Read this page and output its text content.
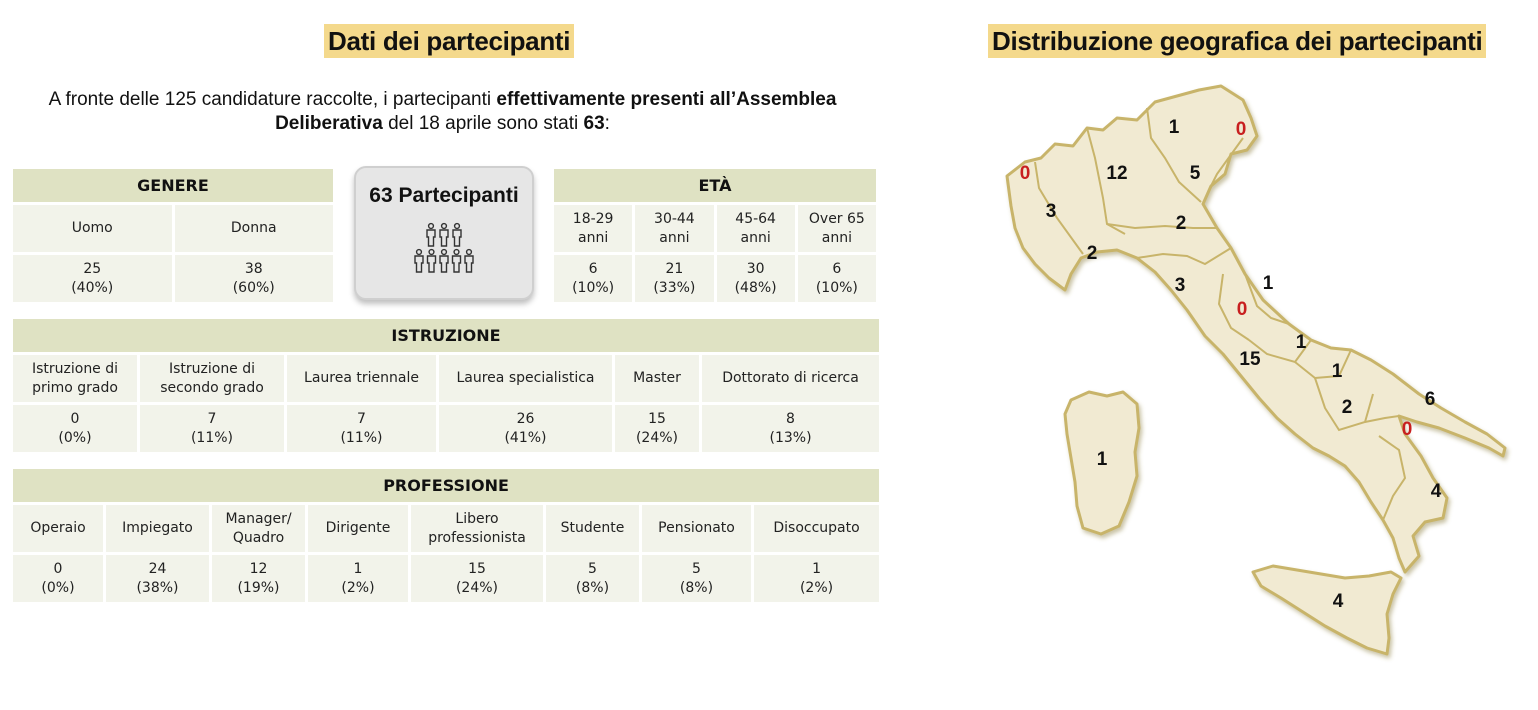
Dati dei partecipanti	Distribuzione geografica dei partecipanti
A fronte delle 125 candidature raccolte, i partecipanti effettivamente presenti all’Assemblea Deliberativa del 18 aprile sono stati 63:
GENERE	
Uomo	Donna
25
(40%)	38
(60%)
63 Partecipanti	ETÀ			
18-29
anni	30-44
anni	45-64
anni	Over 65
anni
6
(10%)	21
(33%)	30
(48%)	6
(10%)
ISTRUZIONE					
Istruzione di
primo grado	Istruzione di
secondo grado	Laurea triennale	Laurea specialistica	Master	Dottorato di ricerca
0
(0%)	7
(11%)	7
(11%)	26
(41%)	15
(24%)	8
(13%)
PROFESSIONE							
Operaio	Impiegato	Manager/
Quadro	Dirigente	Libero
professionista	Studente	Pensionato	Disoccupato
0
(0%)	24
(38%)	12
(19%)	1
(2%)	15
(24%)	5
(8%)	5
(8%)	1
(2%)
0	12
1	0
5
3
2
2
3	1
0
1
15
1
2	6
0
1
4
4
